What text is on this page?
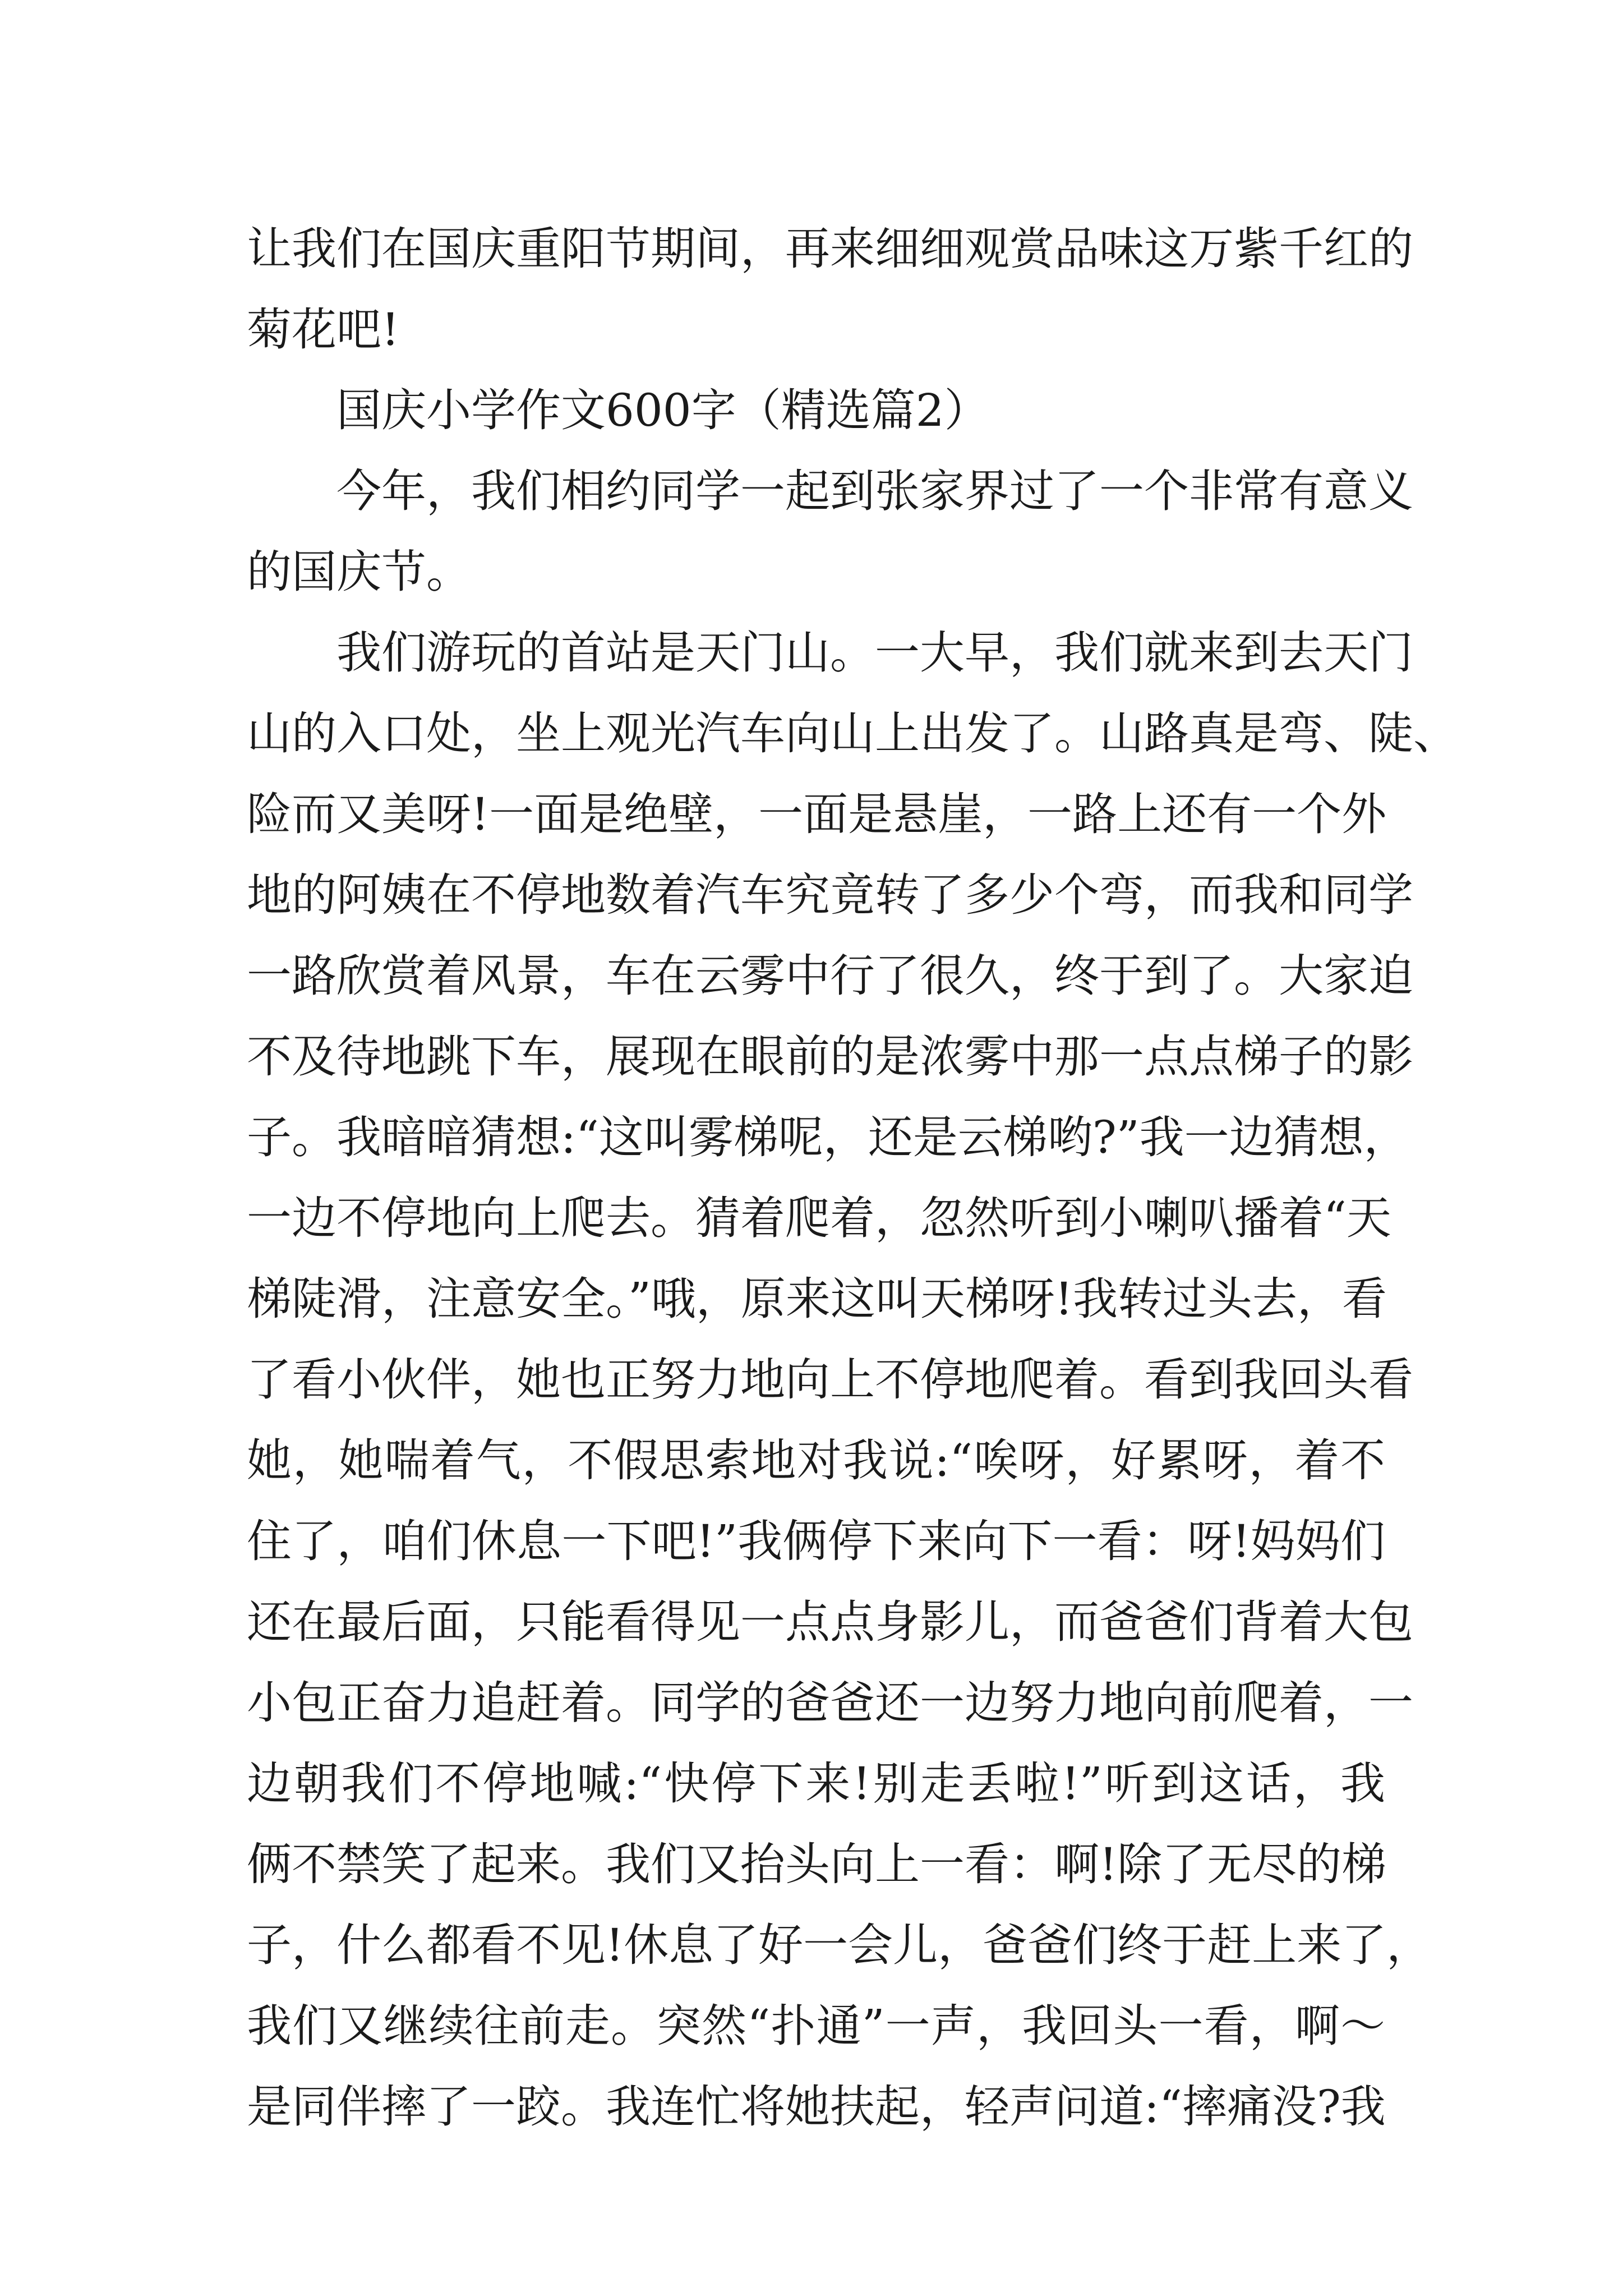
让我们在国庆重阳节期间，再来细细观赏品味这万紫千红的
菊花吧!
国庆小学作文600字（精选篇2）
今年，我们相约同学一起到张家界过了一个非常有意义
的国庆节。
我们游玩的首站是天门山。一大早，我们就来到去天门
山的入口处，坐上观光汽车向山上出发了。山路真是弯、陡、
险而又美呀!一面是绝壁，一面是悬崖，一路上还有一个外
地的阿姨在不停地数着汽车究竟转了多少个弯，而我和同学
一路欣赏着风景，车在云雾中行了很久，终于到了。大家迫
不及待地跳下车，展现在眼前的是浓雾中那一点点梯子的影
子。我暗暗猜想:“这叫雾梯呢，还是云梯哟?”我一边猜想，
一边不停地向上爬去。猜着爬着，忽然听到小喇叭播着“天
梯陡滑，注意安全。”哦，原来这叫天梯呀!我转过头去，看
了看小伙伴，她也正努力地向上不停地爬着。看到我回头看
她，她喘着气，不假思索地对我说:“唉呀，好累呀，着不
住了，咱们休息一下吧!”我俩停下来向下一看：呀!妈妈们
还在最后面，只能看得见一点点身影儿，而爸爸们背着大包
小包正奋力追赶着。同学的爸爸还一边努力地向前爬着，一
边朝我们不停地喊:“快停下来!别走丢啦!”听到这话，我
俩不禁笑了起来。我们又抬头向上一看：啊!除了无尽的梯
子，什么都看不见!休息了好一会儿，爸爸们终于赶上来了，
我们又继续往前走。突然“扑通”一声，我回头一看，啊～
是同伴摔了一跤。我连忙将她扶起，轻声问道:“摔痛没?我
